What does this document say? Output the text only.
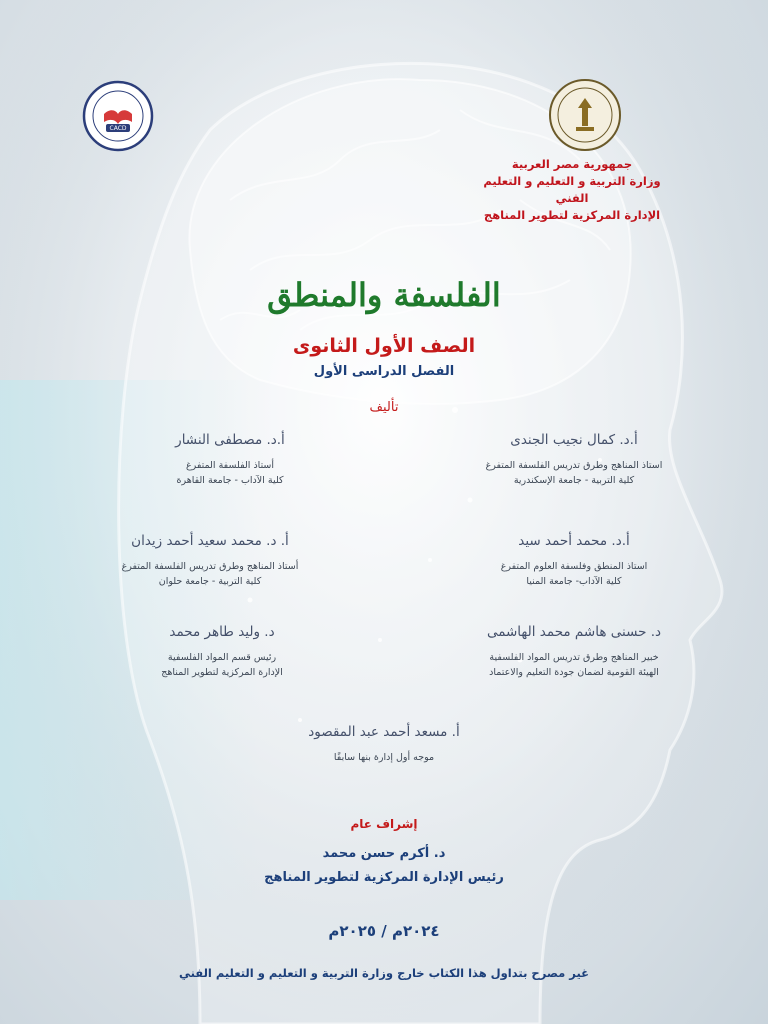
CACD
جمهورية مصر العربية
وزارة التربية و التعليم و التعليم الفني
الإدارة المركزية لتطوير المناهج
الفلسفة والمنطق
الصف الأول الثانوى
الفصل الدراسى الأول
تأليف
أ.د. كمال نجيب الجندى
استاذ المناهج وطرق تدريس الفلسفة المتفرغ
كلية التربية - جامعة الإسكندرية
أ.د. محمد أحمد سيد
استاذ المنطق وفلسفة العلوم المتفرغ
كلية الآداب- جامعة المنيا
د. حسنى هاشم محمد الهاشمى
خبير المناهج وطرق تدريس المواد الفلسفية
الهيئة القومية لضمان جودة التعليم والاعتماد
أ.د. مصطفى النشار
أستاذ الفلسفة المتفرغ
كلية الآداب - جامعة القاهرة
أ. د. محمد سعيد أحمد زيدان
أستاذ المناهج وطرق تدريس الفلسفة المتفرغ
كلية التربية - جامعة حلوان
د. وليد طاهر محمد
رئيس قسم المواد الفلسفية
الإدارة المركزية لتطوير المناهج
أ. مسعد أحمد عبد المقصود
موجه أول إدارة بنها سابقًا
إشراف عام
د. أكرم حسن محمد
رئيس الإدارة المركزية لتطوير المناهج
٢٠٢٤م / ٢٠٢٥م
غير مصرح بتداول هذا الكتاب خارج وزارة التربية و التعليم و التعليم الفني
